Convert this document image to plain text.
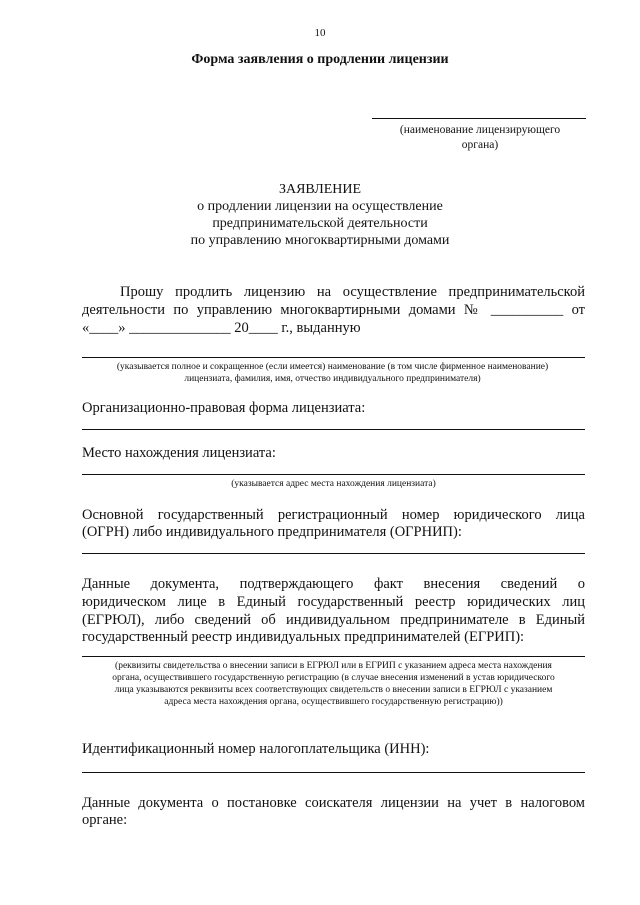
10
Форма заявления о продлении лицензии
(наименование лицензирующего
органа)
ЗАЯВЛЕНИЕ
о продлении лицензии на осуществление
предпринимательской деятельности
по управлению многоквартирными домами
Прошу продлить лицензию на осуществление предпринимательской
деятельности по управлению многоквартирными домами № __________ от
«____» ______________ 20____ г., выданную
(указывается полное и сокращенное (если имеется) наименование (в том числе фирменное наименование)
лицензиата, фамилия, имя, отчество индивидуального предпринимателя)
Организационно-правовая форма лицензиата:
Место нахождения лицензиата:
(указывается адрес места нахождения лицензиата)
Основной государственный регистрационный номер юридического лица
(ОГРН) либо индивидуального предпринимателя (ОГРНИП):
Данные документа, подтверждающего факт внесения сведений о
юридическом лице в Единый государственный реестр юридических лиц
(ЕГРЮЛ), либо сведений об индивидуальном предпринимателе в Единый
государственный реестр индивидуальных предпринимателей (ЕГРИП):
(реквизиты свидетельства о внесении записи в ЕГРЮЛ или в ЕГРИП с указанием адреса места нахождения
органа, осуществившего государственную регистрацию (в случае внесения изменений в устав юридического
лица указываются реквизиты всех соответствующих свидетельств о внесении записи в ЕГРЮЛ с указанием
адреса места нахождения органа, осуществившего государственную регистрацию))
Идентификационный номер налогоплательщика (ИНН):
Данные документа о постановке соискателя лицензии на учет в налоговом
органе:
